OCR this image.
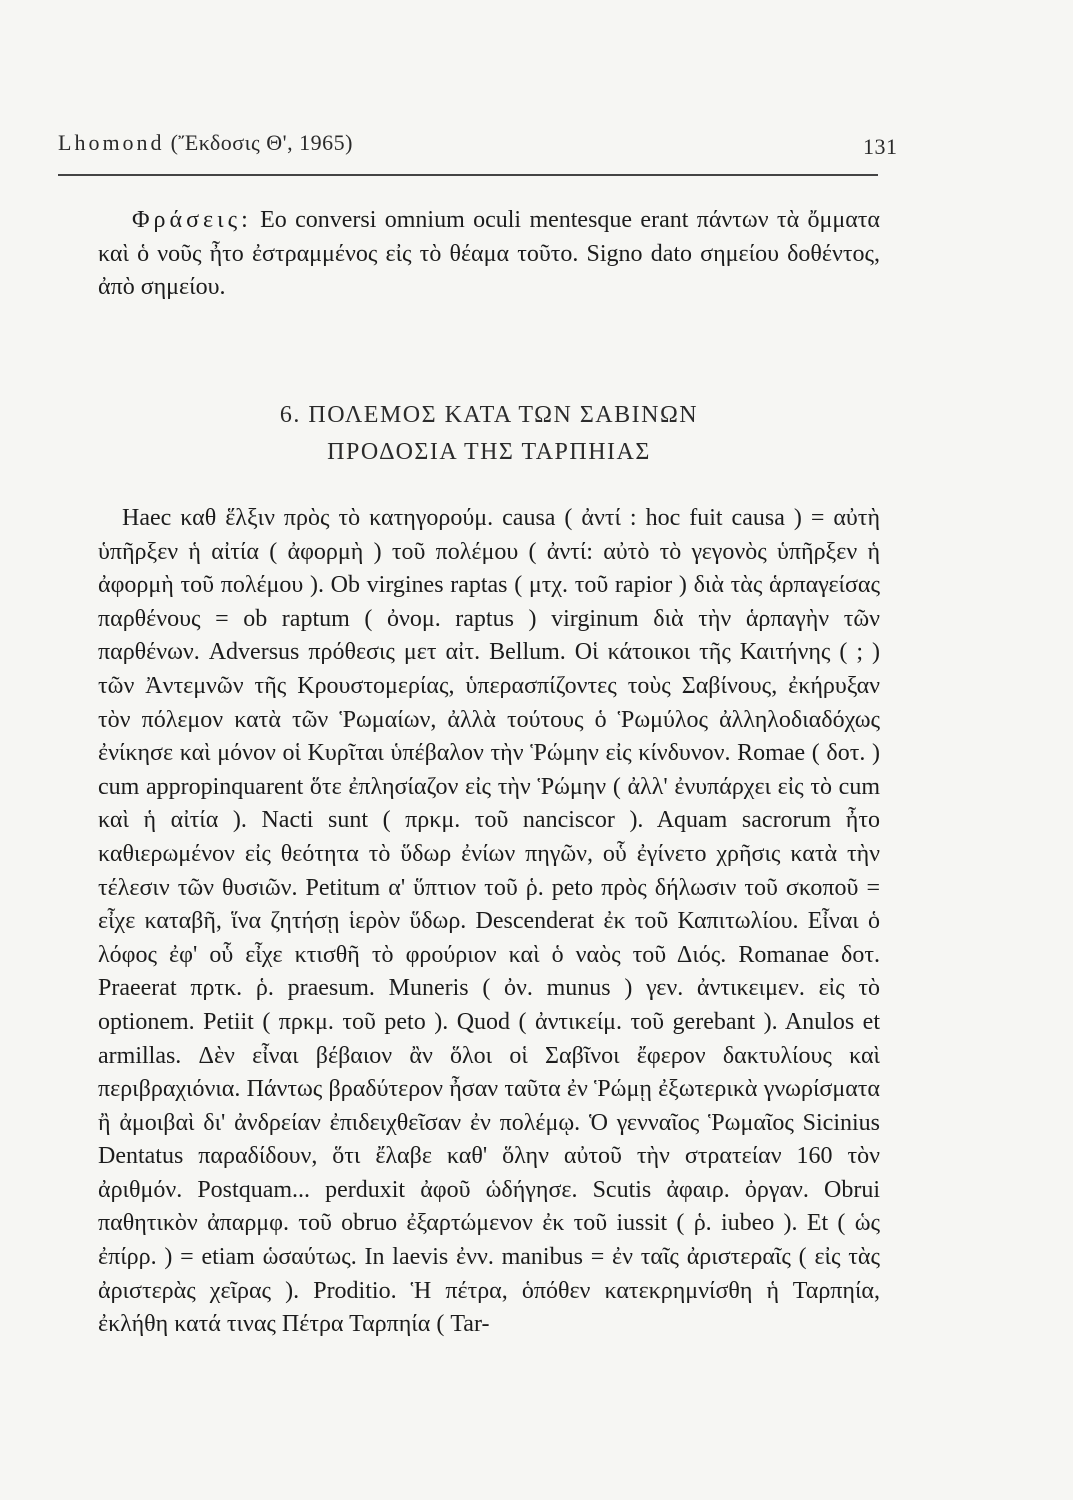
Lhomond (Ἔκδοσις Θ', 1965)	131

Φράσεις: Eo conversi omnium oculi mentesque erant πάντων τὰ ὄμματα καὶ ὁ νοῦς ἦτο ἐστραμμένος εἰς τὸ θέαμα τοῦτο. Signo dato σημείου δοθέντος, ἀπὸ σημείου.

6. ΠΟΛΕΜΟΣ ΚΑΤΑ ΤΩΝ ΣΑΒΙΝΩΝ
ΠΡΟΔΟΣΙΑ ΤΗΣ ΤΑΡΠΗΙΑΣ

Haec καθ ἕλξιν πρὸς τὸ κατηγορούμ. causa ( ἀντί : hoc fuit causa ) = αὐτὴ ὑπῆρξεν ἡ αἰτία ( ἀφορμὴ ) τοῦ πολέμου ( ἀντί: αὐτὸ τὸ γεγονὸς ὑπῆρξεν ἡ ἀφορμὴ τοῦ πολέμου ). Ob virgines raptas ( μτχ. τοῦ rapior ) διὰ τὰς ἁρπαγείσας παρθένους = ob raptum ( ὀνομ. raptus ) virginum διὰ τὴν ἁρπαγὴν τῶν παρθένων. Adversus πρόθεσις μετ αἰτ. Bellum. Οἱ κάτοικοι τῆς Καιτήνης ( ; ) τῶν Ἀντεμνῶν τῆς Κρουστομερίας, ὑπερασπίζοντες τοὺς Σαβίνους, ἐκήρυξαν τὸν πόλεμον κατὰ τῶν Ῥωμαίων, ἀλλὰ τούτους ὁ Ῥωμύλος ἀλληλοδιαδόχως ἐνίκησε καὶ μόνον οἱ Κυρῖται ὑπέβαλον τὴν Ῥώμην εἰς κίνδυνον. Romae ( δοτ. ) cum appropinquarent ὅτε ἐπλησίαζον εἰς τὴν Ῥώμην ( ἀλλ' ἐνυπάρχει εἰς τὸ cum καὶ ἡ αἰτία ). Nacti sunt ( πρκμ. τοῦ nanciscor ). Aquam sacrorum ἦτο καθιερωμένον εἰς θεότητα τὸ ὕδωρ ἐνίων πηγῶν, οὗ ἐγίνετο χρῆσις κατὰ τὴν τέλεσιν τῶν θυσιῶν. Petitum α' ὕπτιον τοῦ ῥ. peto πρὸς δήλωσιν τοῦ σκοποῦ = εἶχε καταβῆ, ἵνα ζητήσῃ ἱερὸν ὕδωρ. Descenderat ἐκ τοῦ Καπιτωλίου. Εἶναι ὁ λόφος ἐφ' οὗ εἶχε κτισθῆ τὸ φρούριον καὶ ὁ ναὸς τοῦ Διός. Romanae δοτ. Praeerat πρτκ. ῥ. praesum. Muneris ( ὀν. munus ) γεν. ἀντικειμεν. εἰς τὸ optionem. Petiit ( πρκμ. τοῦ peto ). Quod ( ἀντικείμ. τοῦ gerebant ). Anulos et armillas. Δὲν εἶναι βέβαιον ἂν ὅλοι οἱ Σαβῖνοι ἔφερον δακτυλίους καὶ περιβραχιόνια. Πάντως βραδύτερον ἦσαν ταῦτα ἐν Ῥώμῃ ἐξωτερικὰ γνωρίσματα ἢ ἀμοιβαὶ δι' ἀνδρείαν ἐπιδειχθεῖσαν ἐν πολέμῳ. Ὁ γενναῖος Ῥωμαῖος Sicinius Dentatus παραδίδουν, ὅτι ἔλαβε καθ' ὅλην αὐτοῦ τὴν στρατείαν 160 τὸν ἀριθμόν. Postquam... perduxit ἀφοῦ ὡδήγησε. Scutis ἀφαιρ. ὀργαν. Obrui παθητικὸν ἀπαρμφ. τοῦ obruo ἐξαρτώμενον ἐκ τοῦ iussit ( ῥ. iubeo ). Et ( ὡς ἐπίρρ. ) = etiam ὡσαύτως. In laevis ἐνν. manibus = ἐν ταῖς ἀριστεραῖς ( εἰς τὰς ἀριστερὰς χεῖρας ). Proditio. Ἡ πέτρα, ὁπόθεν κατεκρημνίσθη ἡ Ταρπηία, ἐκλήθη κατά τινας Πέτρα Ταρπηία ( Tar-
